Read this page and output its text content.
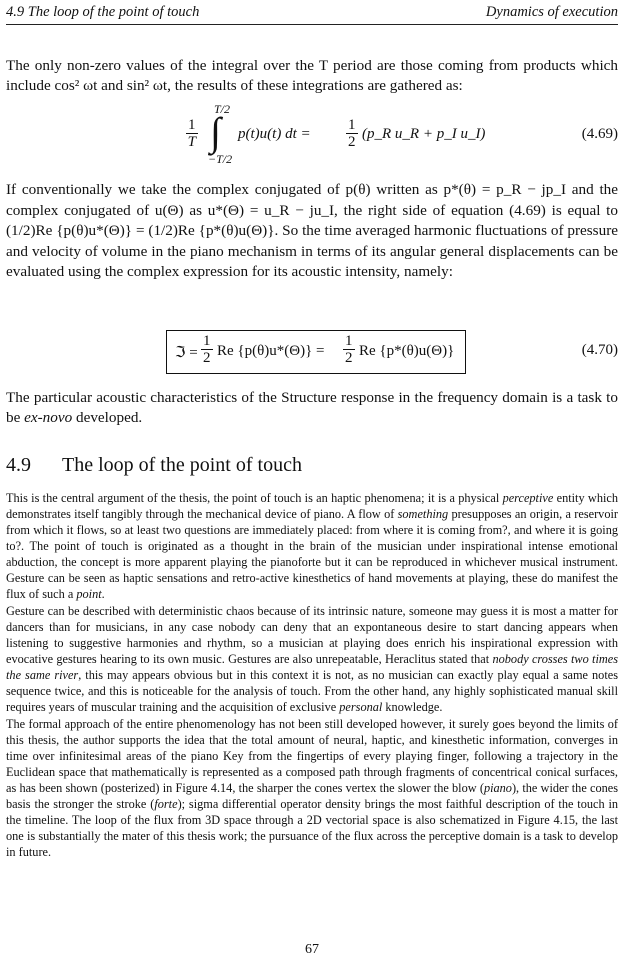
4.9 The loop of the point of touch	Dynamics of execution
The only non-zero values of the integral over the T period are those coming from products which include cos² ωt and sin² ωt, the results of these integrations are gathered as:
$\frac{1}{T}$
T/2
∫
−T/2
p(t)u(t) dt = $\frac{1}{2}$ (p_R u_R + p_I u_I)	(4.69)
If conventionally we take the complex conjugated of p(θ) written as p*(θ) = p_R − jp_I and the complex conjugated of u(Θ) as u*(Θ) = u_R − ju_I, the right side of equation (4.69) is equal to (1/2)Re {p(θ)u*(Θ)} = (1/2)Re {p*(θ)u(Θ)}. So the time averaged harmonic fluctuations of pressure and velocity of volume in the piano mechanism in terms of its angular general displacements can be evaluated using the complex expression for its acoustic intensity, namely:
ℑ = $\frac{1}{2}$ Re $\{p(\theta)u*(\Theta)\} = \frac{1}{2}$ Re {p*(θ)u(Θ)}	(4.70)
The particular acoustic characteristics of the Structure response in the frequency domain is a task to be ex-novo developed.
4.9 The loop of the point of touch

This is the central argument of the thesis, the point of touch is an haptic phenomena; it is a physical perceptive entity which demonstrates itself tangibly through the mechanical device of piano. A flow of something presupposes an origin, a reservoir from which it flows, so at least two questions are immediately placed: from where it is coming from?, and where it is going to?. The point of touch is originated as a thought in the brain of the musician under inspirational intense emotional abduction, the concept is more apparent playing the pianoforte but it can be reproduced in whichever musical instrument. Gesture can be seen as haptic sensations and retro-active kinesthetics of hand movements at playing, these do manifest the flux of such a point.

Gesture can be described with deterministic chaos because of its intrinsic nature, someone may guess it is most a matter for dancers than for musicians, in any case nobody can deny that an expontaneous desire to start dancing appears when listening to suggestive harmonies and rhythm, so a musician at playing does enrich his inspirational expression with evocative gestures hearing to its own music. Gestures are also unrepeatable, Heraclitus stated that nobody crosses two times the same river, this may appears obvious but in this context it is not, as no musician can exactly play equal a same notes sequence twice, and this is noticeable for the analysis of touch. From the other hand, any highly sophisticated manual skill requires years of muscular training and the acquisition of exclusive personal knowledge.

The formal approach of the entire phenomenology has not been still developed however, it surely goes beyond the limits of this thesis, the author supports the idea that the total amount of neural, haptic, and kinesthetic information, converges in time over infinitesimal areas of the piano Key from the fingertips of every playing finger, following a trajectory in the Euclidean space that mathematically is represented as a composed path through fragments of concentrical conical surfaces, as has been shown (posterized) in Figure 4.14, the sharper the cones vertex the slower the blow (piano), the wider the cones basis the stronger the stroke (forte); sigma differential operator density brings the most faithful description of the touch in the timeline. The loop of the flux from 3D space through a 2D vectorial space is also schematized in Figure 4.15, the last one is substantially the mater of this thesis work; the pursuance of the flux across the perceptive domain is a task to develop in future.

67
